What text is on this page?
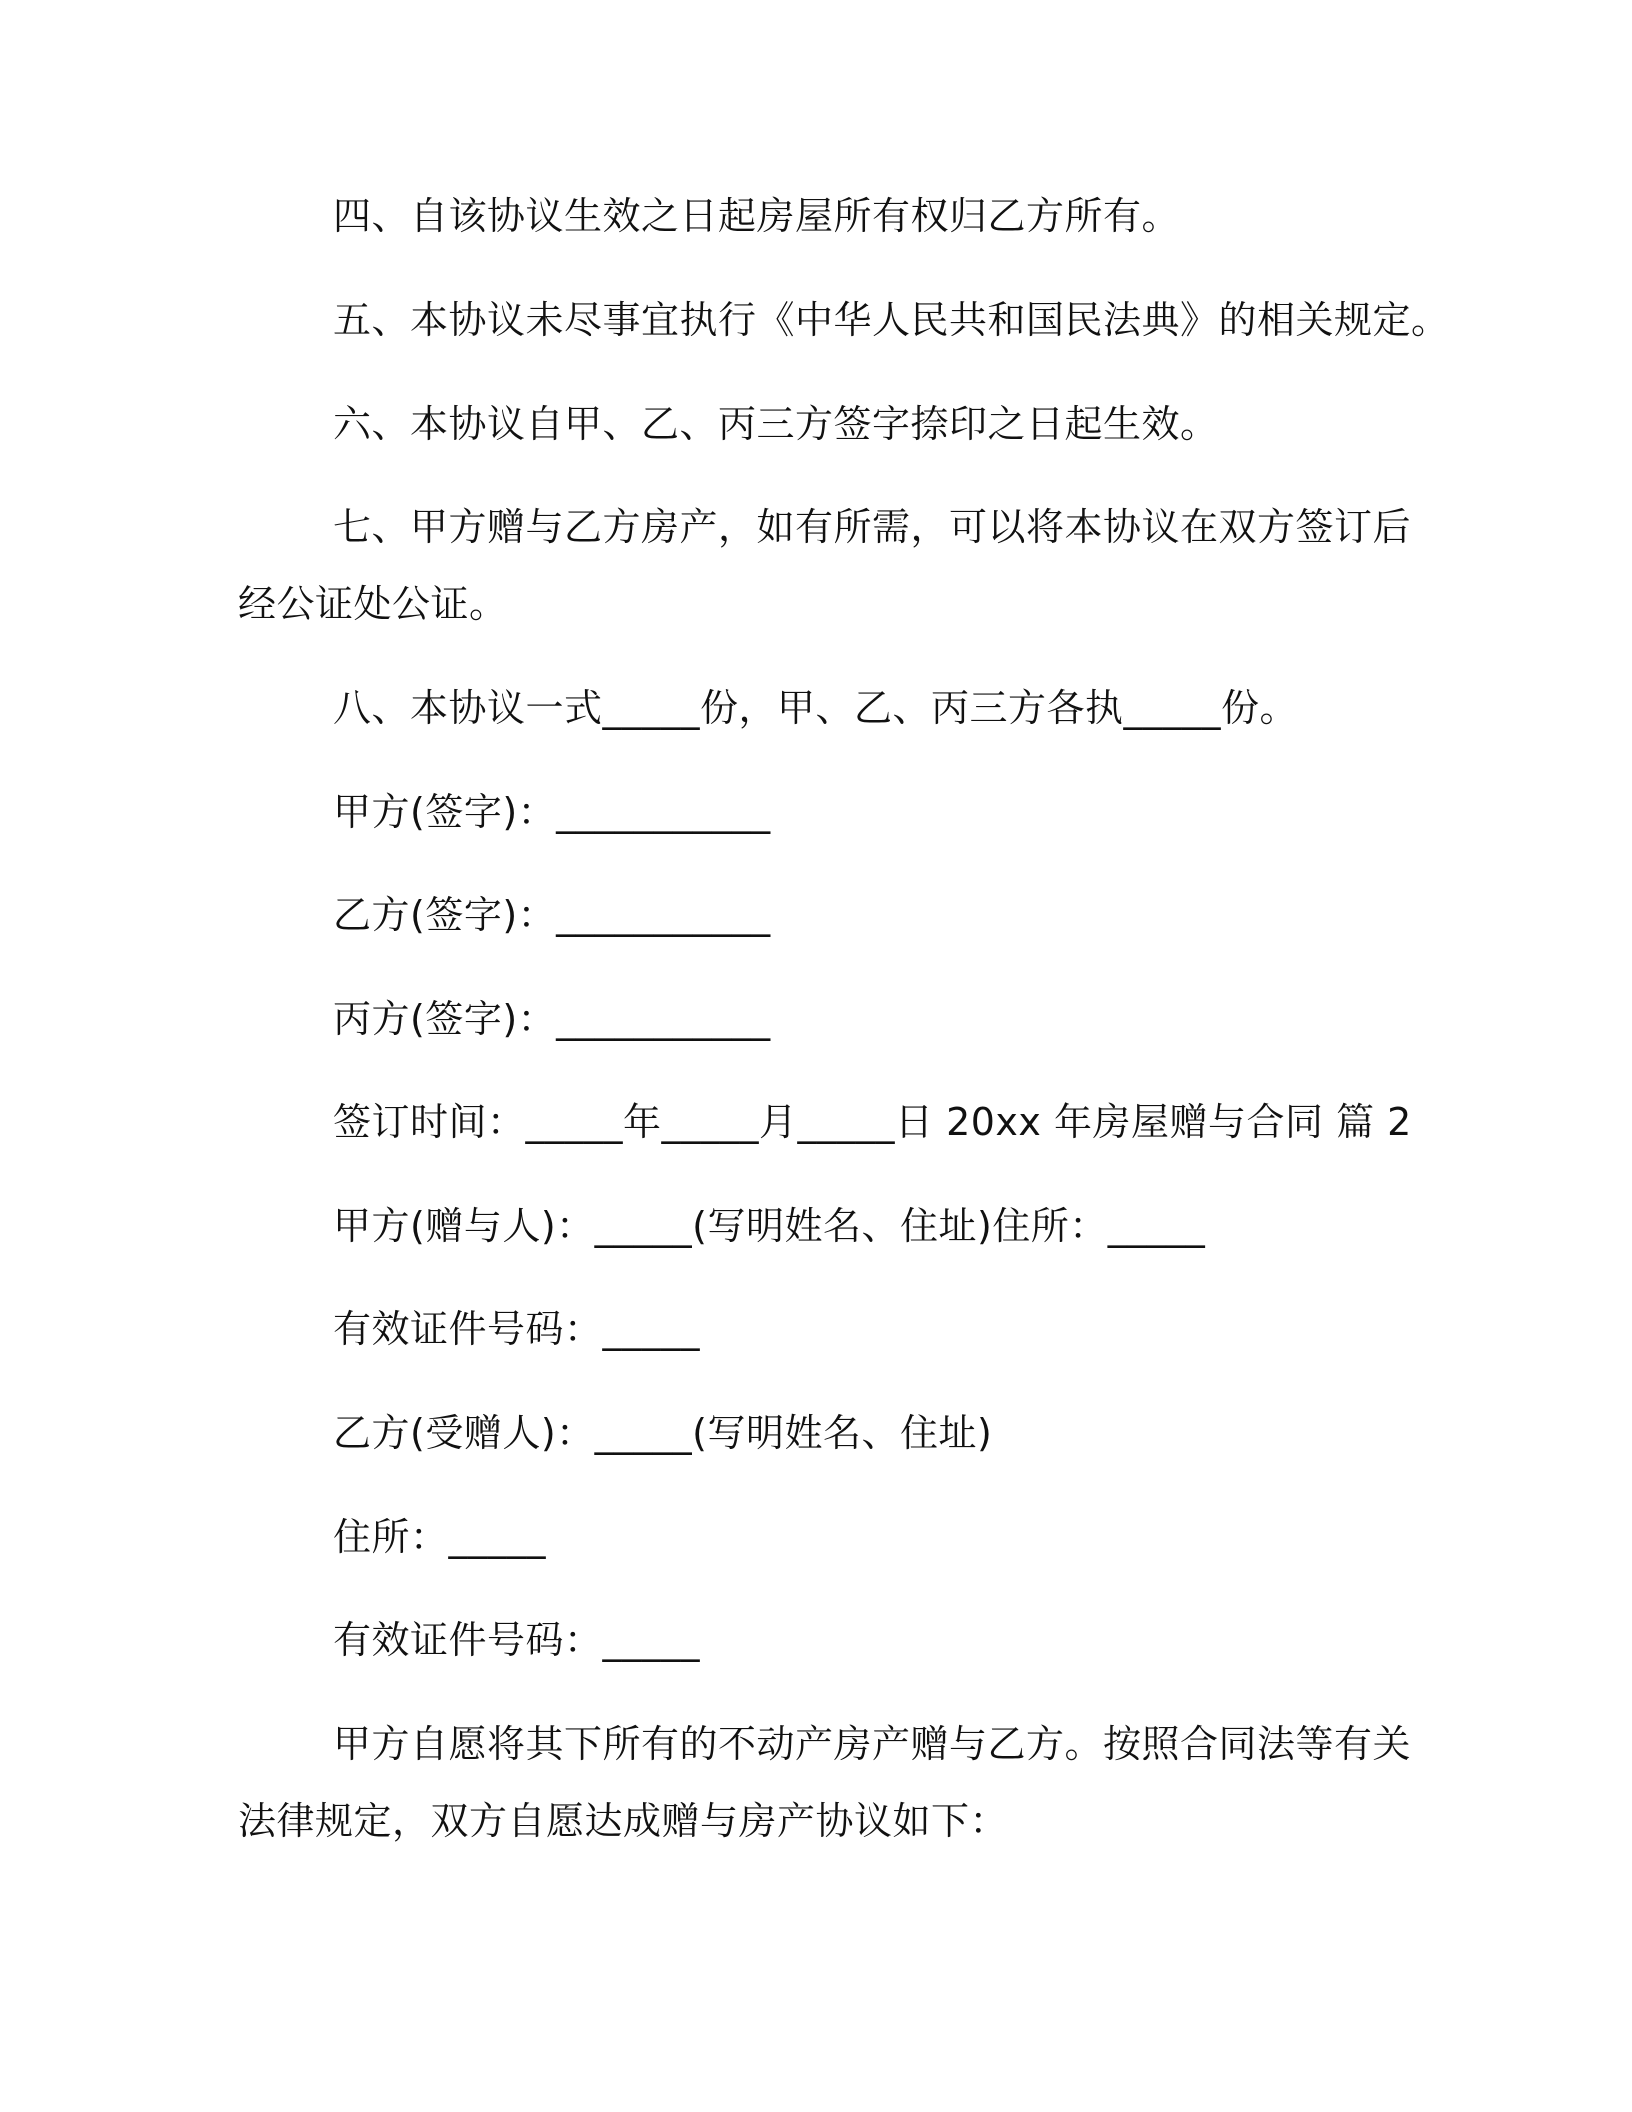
四、自该协议生效之日起房屋所有权归乙方所有。
五、本协议未尽事宜执行《中华人民共和国民法典》的相关规定。
六、本协议自甲、乙、丙三方签字捺印之日起生效。
七、甲方赠与乙方房产，如有所需，可以将本协议在双方签订后
经公证处公证。
八、本协议一式_____份，甲、乙、丙三方各执_____份。
甲方(签字)：___________
乙方(签字)：___________
丙方(签字)：___________
签订时间：_____年_____月_____日 20xx 年房屋赠与合同 篇 2
甲方(赠与人)：_____(写明姓名、住址)住所：_____
有效证件号码：_____
乙方(受赠人)：_____(写明姓名、住址)
住所：_____
有效证件号码：_____
甲方自愿将其下所有的不动产房产赠与乙方。按照合同法等有关
法律规定，双方自愿达成赠与房产协议如下：
